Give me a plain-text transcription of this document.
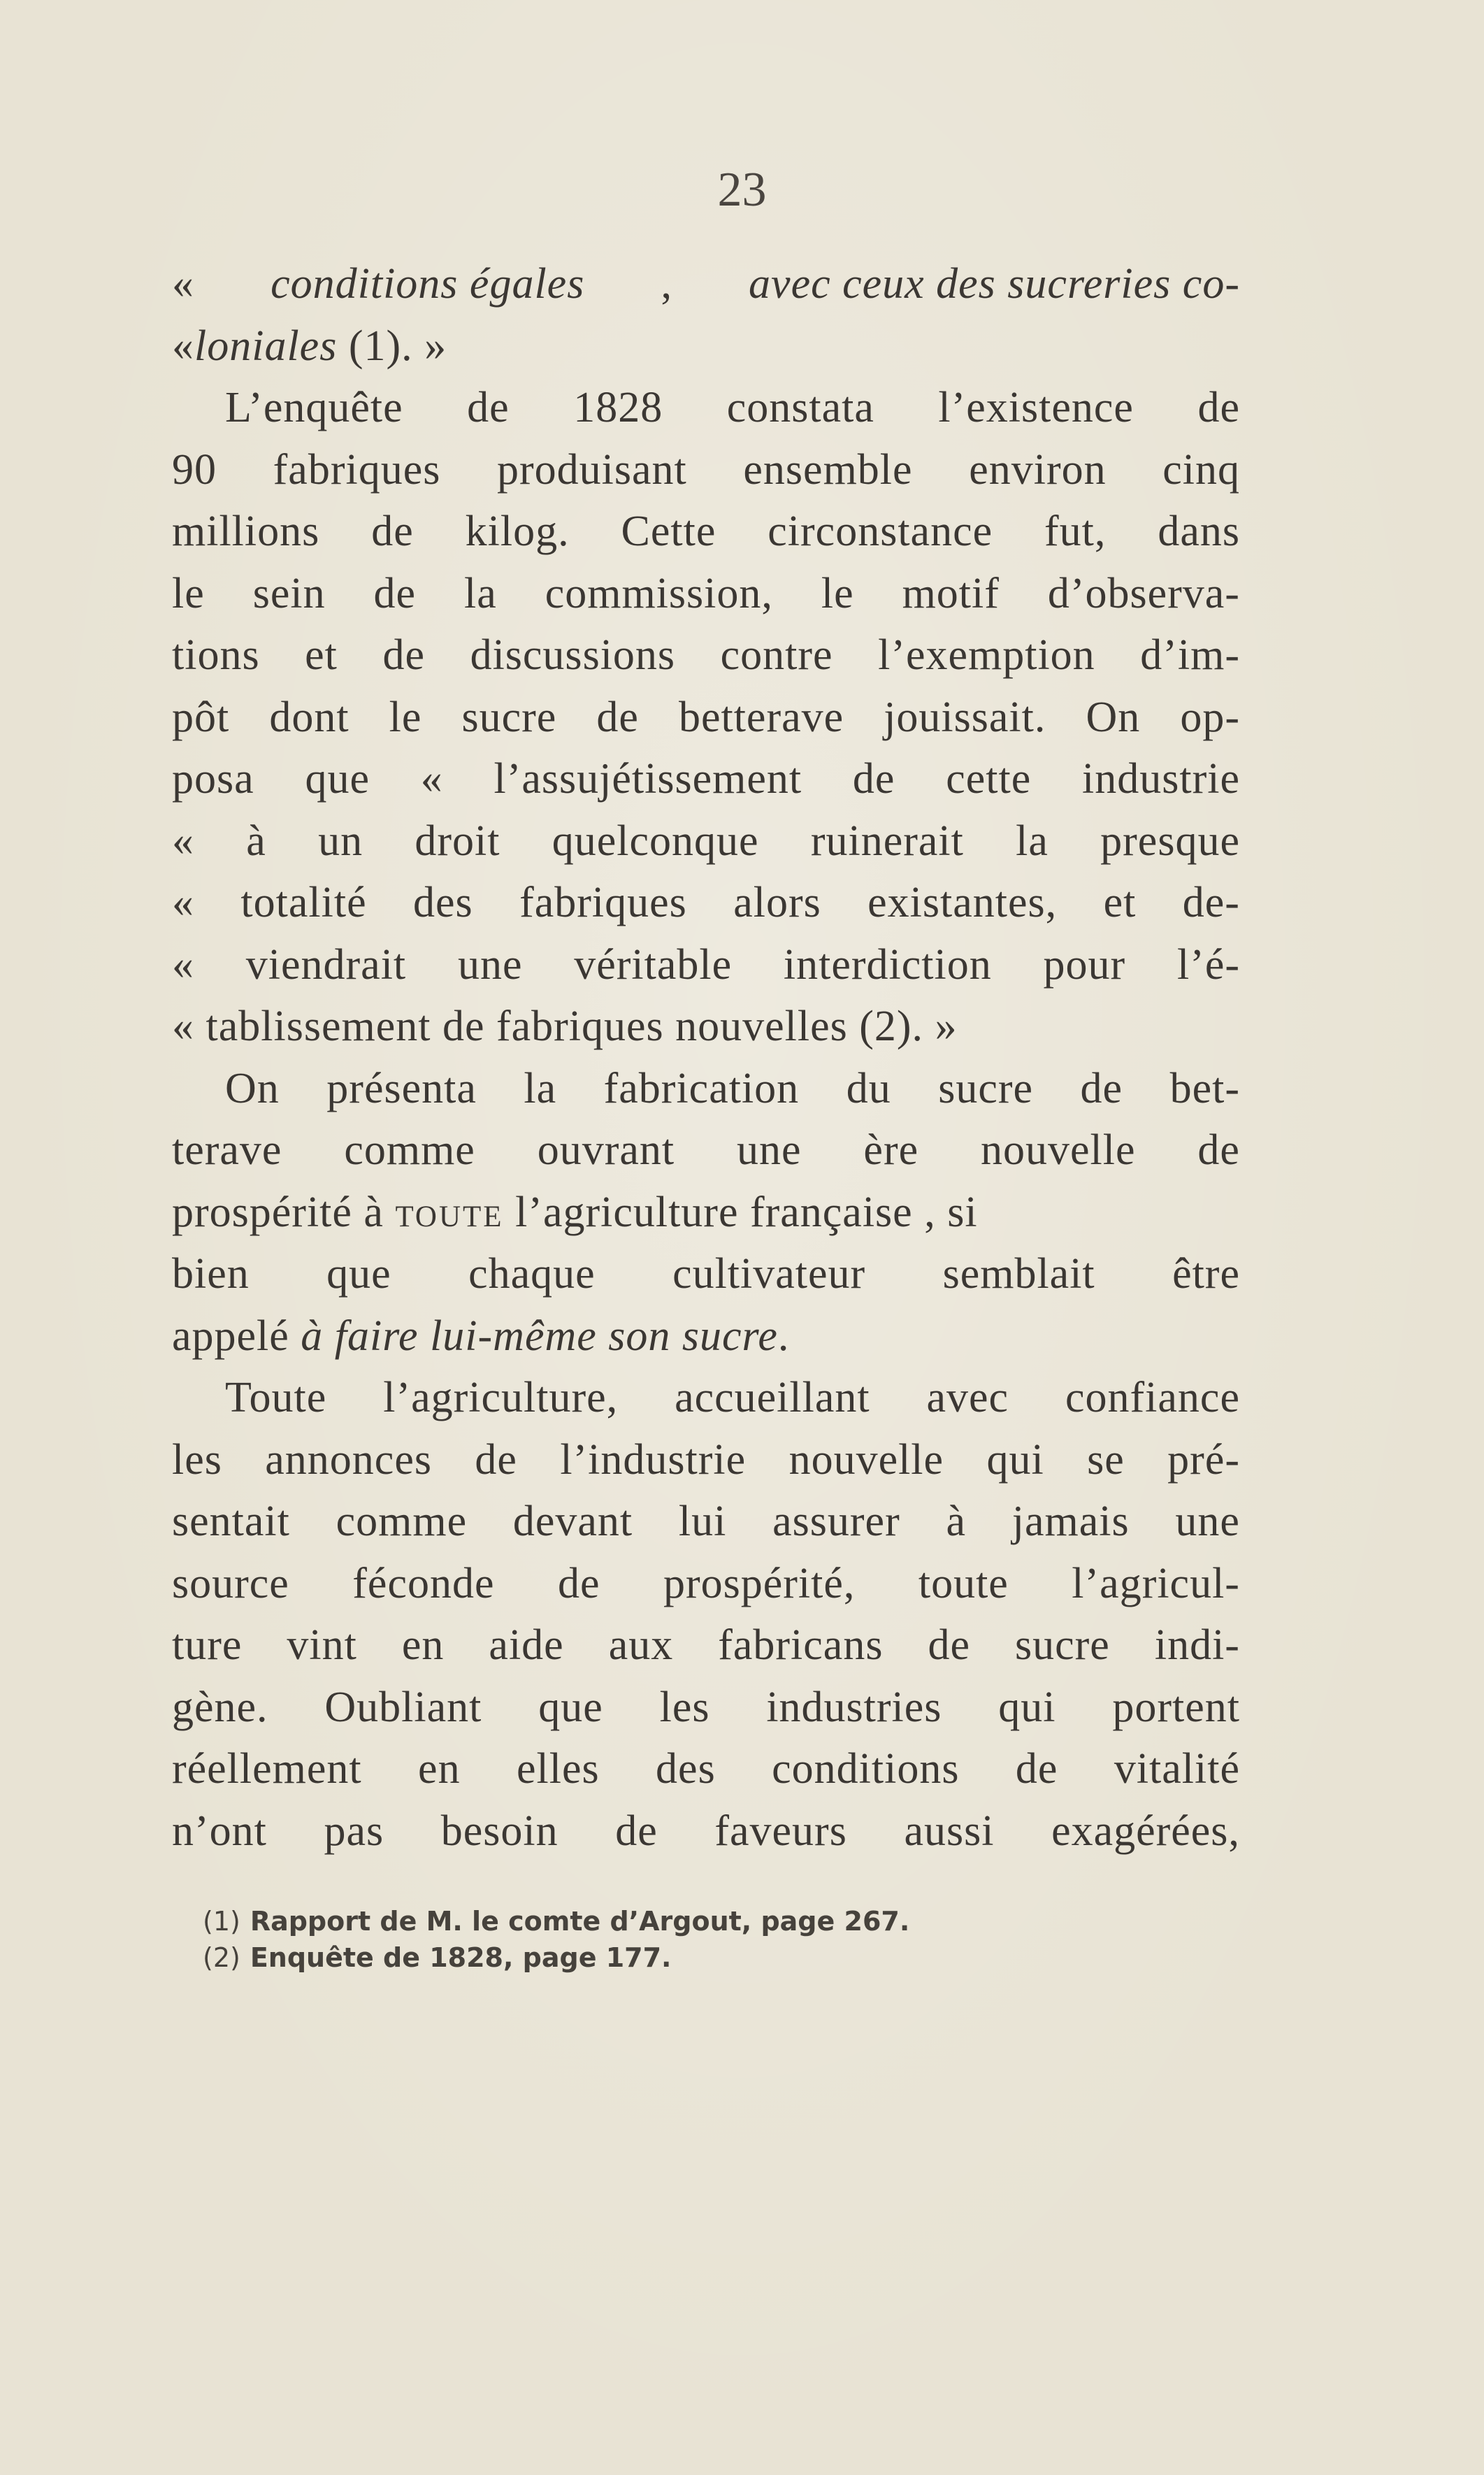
23
« conditions égales , avec ceux des sucreries co-
« loniales (1). »
L’enquête de 1828 constata l’existence de
90 fabriques produisant ensemble environ cinq
millions de kilog. Cette circonstance fut, dans
le sein de la commission, le motif d’observa-
tions et de discussions contre l’exemption d’im-
pôt dont le sucre de betterave jouissait. On op-
posa que « l’assujétissement de cette industrie
« à un droit quelconque ruinerait la presque
« totalité des fabriques alors existantes, et de-
« viendrait une véritable interdiction pour l’é-
« tablissement de fabriques nouvelles (2). »
On présenta la fabrication du sucre de bet-
terave comme ouvrant une ère nouvelle de
prospérité à toute l’agriculture française , si
bien que chaque cultivateur semblait être
appelé à faire lui-même son sucre .
Toute l’agriculture, accueillant avec confiance
les annonces de l’industrie nouvelle qui se pré-
sentait comme devant lui assurer à jamais une
source féconde de prospérité, toute l’agricul-
ture vint en aide aux fabricans de sucre indi-
gène. Oubliant que les industries qui portent
réellement en elles des conditions de vitalité
n’ont pas besoin de faveurs aussi exagérées,
(1) Rapport de M. le comte d’Argout, page 267.
(2) Enquête de 1828, page 177.
